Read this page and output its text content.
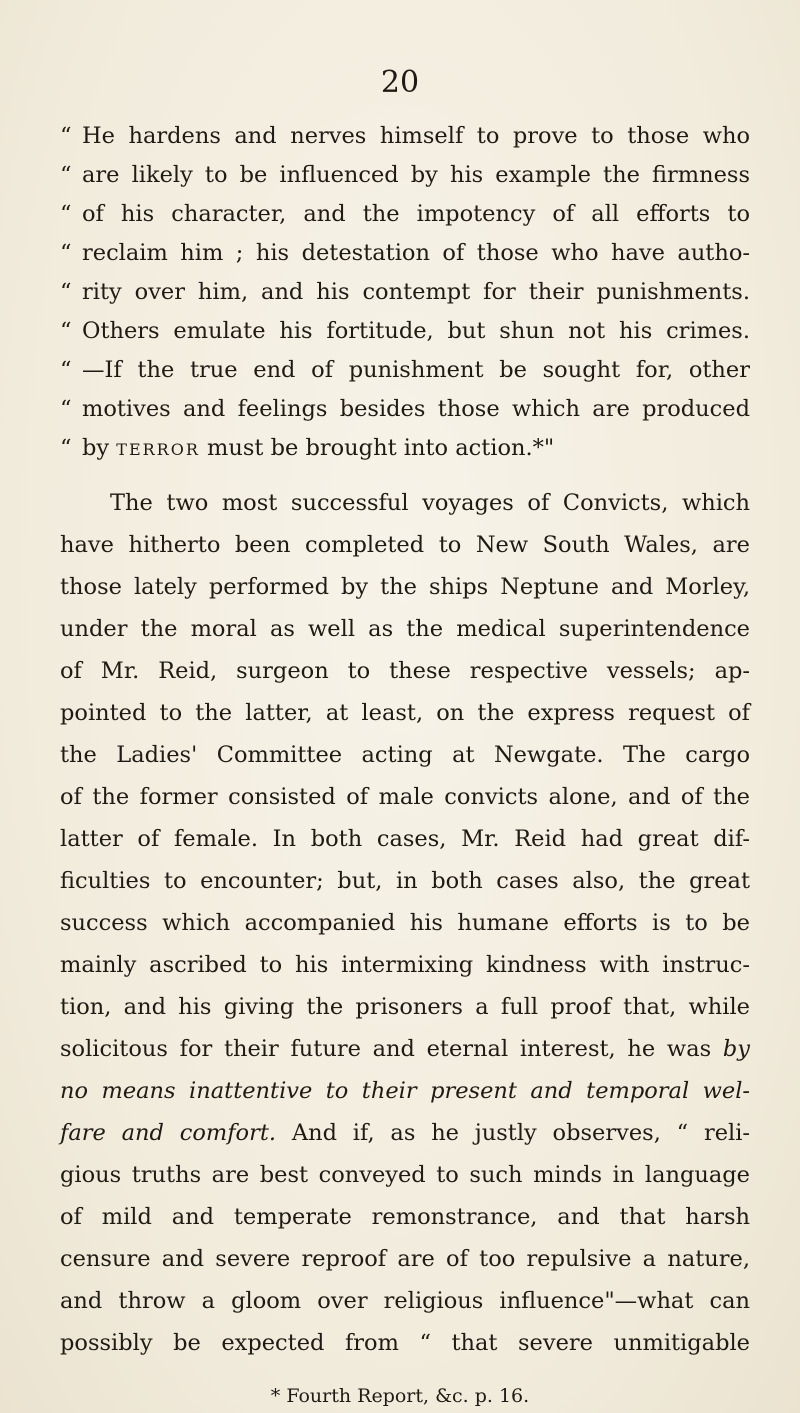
20
“ He hardens and nerves himself to prove to those who
“ are likely to be influenced by his example the firmness
“ of his character, and the impotency of all efforts to
“ reclaim him ; his detestation of those who have autho-
“ rity over him, and his contempt for their punishments.
“ Others emulate his fortitude, but shun not his crimes.
“ —If the true end of punishment be sought for, other
“ motives and feelings besides those which are produced
“ by terror must be brought into action.*"
The two most successful voyages of Convicts, which
have hitherto been completed to New South Wales, are
those lately performed by the ships Neptune and Morley,
under the moral as well as the medical superintendence
of Mr. Reid, surgeon to these respective vessels; ap-
pointed to the latter, at least, on the express request of
the Ladies' Committee acting at Newgate. The cargo
of the former consisted of male convicts alone, and of the
latter of female. In both cases, Mr. Reid had great dif-
ficulties to encounter; but, in both cases also, the great
success which accompanied his humane efforts is to be
mainly ascribed to his intermixing kindness with instruc-
tion, and his giving the prisoners a full proof that, while
solicitous for their future and eternal interest, he was by
no means inattentive to their present and temporal wel-
fare and comfort. And if, as he justly observes, “ reli-
gious truths are best conveyed to such minds in language
of mild and temperate remonstrance, and that harsh
censure and severe reproof are of too repulsive a nature,
and throw a gloom over religious influence"—what can
possibly be expected from “ that severe unmitigable
* Fourth Report, &c. p. 16.
